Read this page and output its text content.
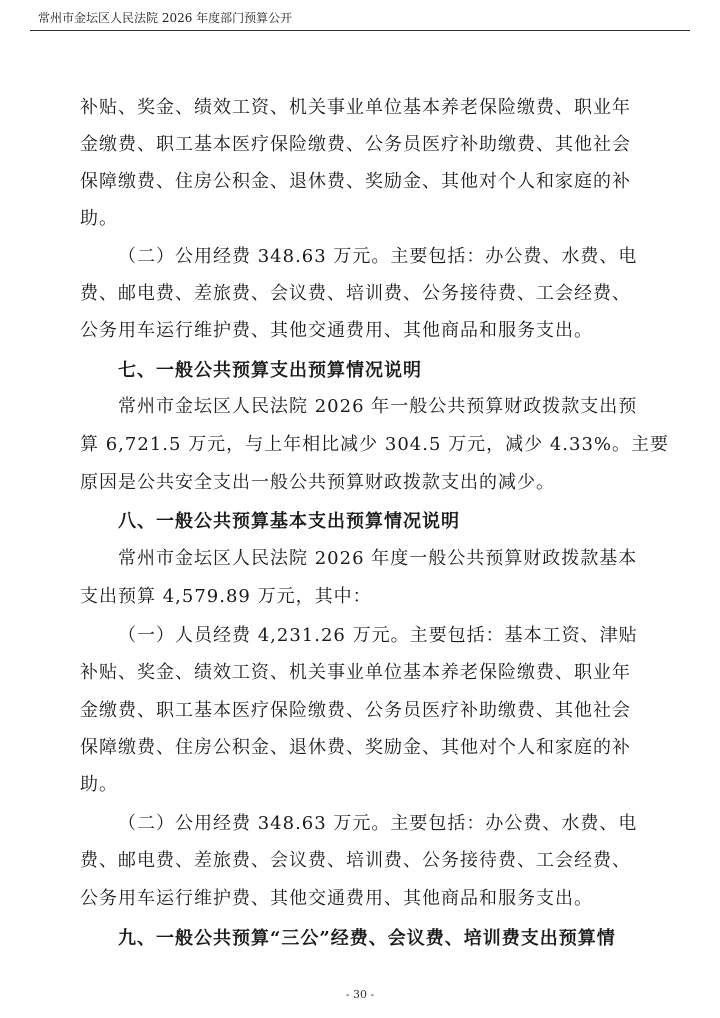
常州市金坛区人民法院 2026 年度部门预算公开
补贴、奖金、绩效工资、机关事业单位基本养老保险缴费、职业年
金缴费、职工基本医疗保险缴费、公务员医疗补助缴费、其他社会
保障缴费、住房公积金、退休费、奖励金、其他对个人和家庭的补
助。
（二）公用经费 348.63 万元。主要包括：办公费、水费、电
费、邮电费、差旅费、会议费、培训费、公务接待费、工会经费、
公务用车运行维护费、其他交通费用、其他商品和服务支出。
七、一般公共预算支出预算情况说明
常州市金坛区人民法院 2026 年一般公共预算财政拨款支出预
算 6,721.5 万元，与上年相比减少 304.5 万元，减少 4.33%。主要
原因是公共安全支出一般公共预算财政拨款支出的减少。
八、一般公共预算基本支出预算情况说明
常州市金坛区人民法院 2026 年度一般公共预算财政拨款基本
支出预算 4,579.89 万元，其中：
（一）人员经费 4,231.26 万元。主要包括：基本工资、津贴
补贴、奖金、绩效工资、机关事业单位基本养老保险缴费、职业年
金缴费、职工基本医疗保险缴费、公务员医疗补助缴费、其他社会
保障缴费、住房公积金、退休费、奖励金、其他对个人和家庭的补
助。
（二）公用经费 348.63 万元。主要包括：办公费、水费、电
费、邮电费、差旅费、会议费、培训费、公务接待费、工会经费、
公务用车运行维护费、其他交通费用、其他商品和服务支出。
九、一般公共预算“三公”经费、会议费、培训费支出预算情
- 30 -
